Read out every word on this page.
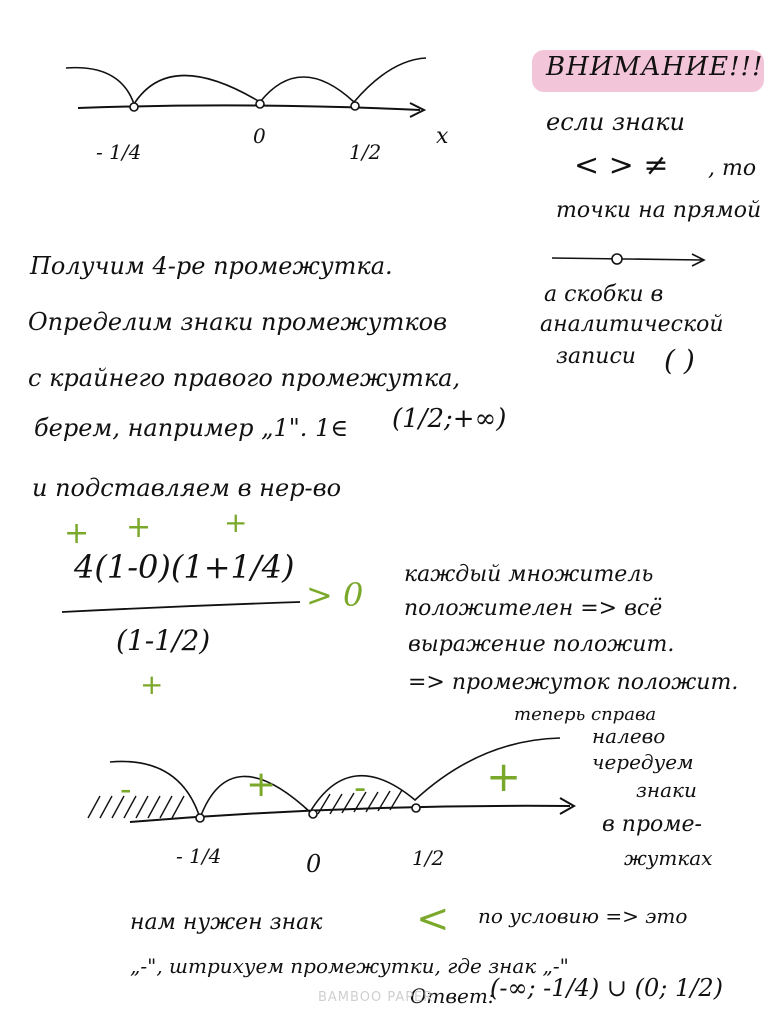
- 1/4
0
1/2
x
ВНИМАНИЕ!!!
если знаки
< > ≠ , то
точки на прямой
а скобки в
аналитической
записи ( )
Получим 4-ре промежутка.
Определим знаки промежутков
с крайнего правого промежутка,
берем, например „1". 1∈ (1/2;+∞)
и подставляем в нер-во
4(1-0)(1+1/4)
(1-1/2)
> 0
+ +	+
+
каждый множитель
положителен => всё
выражение положит.
=> промежуток положит.
теперь справа
налево
чередуем
знаки
в проме-
жутках
- 1/4	0	1/2
-	+ -	+
нам нужен знак < по условию => это
„-", штрихуем промежутки, где знак „-"
Ответ:
(-∞; -1/4) ∪ (0; 1/2)
BAMBOO PAPER
